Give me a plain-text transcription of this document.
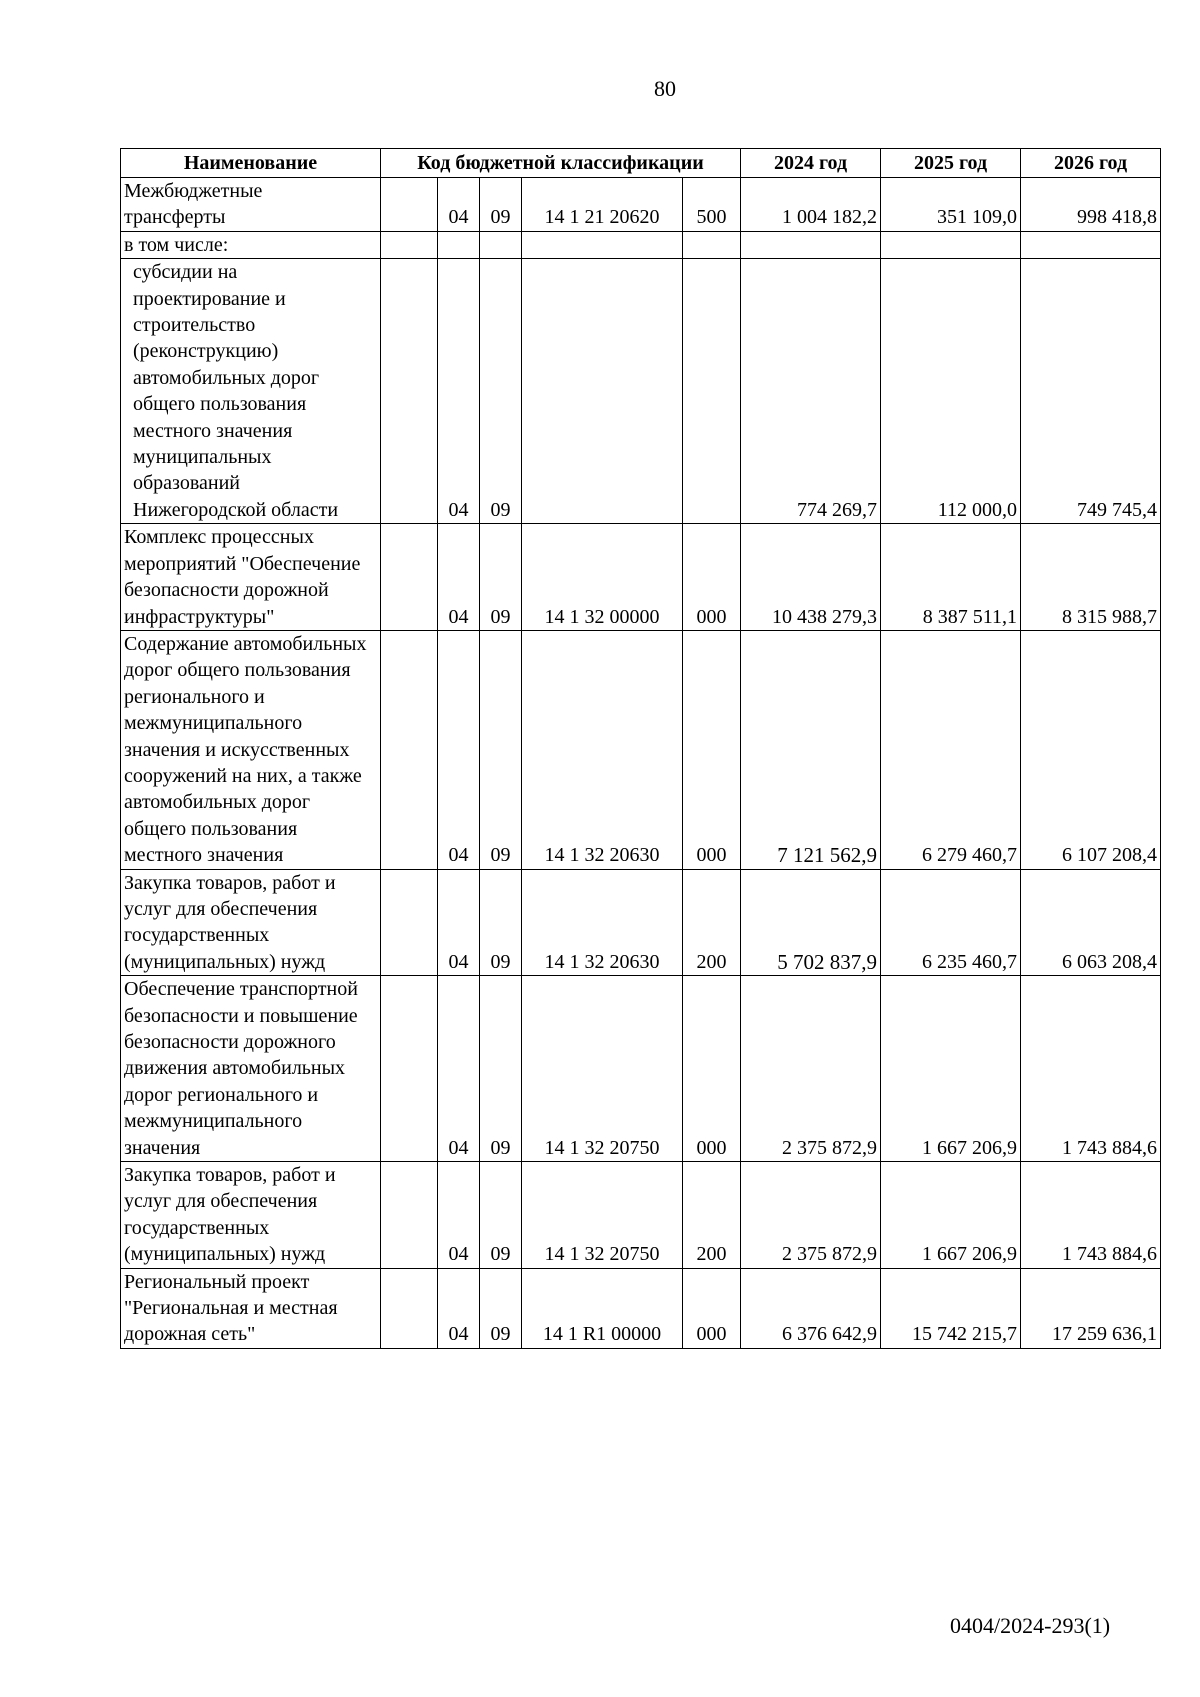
80
Наименование	Код бюджетной классификации					2024 год	2025 год	2026 год
Межбюджетные трансферты		04	09	14 1 21 20620	500	1 004 182,2	351 109,0	998 418,8
в том числе:								
субсидии на проектирование и строительство (реконструкцию) автомобильных дорог общего пользования местного значения муниципальных образований Нижегородской области		04	09			774 269,7	112 000,0	749 745,4
Комплекс процессных мероприятий "Обеспечение безопасности дорожной инфраструктуры"		04	09	14 1 32 00000	000	10 438 279,3	8 387 511,1	8 315 988,7
Содержание автомобильных дорог общего пользования регионального и межмуниципального значения и искусственных сооружений на них, а также автомобильных дорог общего пользования местного значения		04	09	14 1 32 20630	000	7 121 562,9	6 279 460,7	6 107 208,4
Закупка товаров, работ и услуг для обеспечения государственных (муниципальных) нужд		04	09	14 1 32 20630	200	5 702 837,9	6 235 460,7	6 063 208,4
Обеспечение транспортной безопасности и повышение безопасности дорожного движения автомобильных дорог регионального и межмуниципального значения		04	09	14 1 32 20750	000	2 375 872,9	1 667 206,9	1 743 884,6
Закупка товаров, работ и услуг для обеспечения государственных (муниципальных) нужд		04	09	14 1 32 20750	200	2 375 872,9	1 667 206,9	1 743 884,6
Региональный проект "Региональная и местная дорожная сеть"		04	09	14 1 R1 00000	000	6 376 642,9	15 742 215,7	17 259 636,1
0404/2024-293(1)
